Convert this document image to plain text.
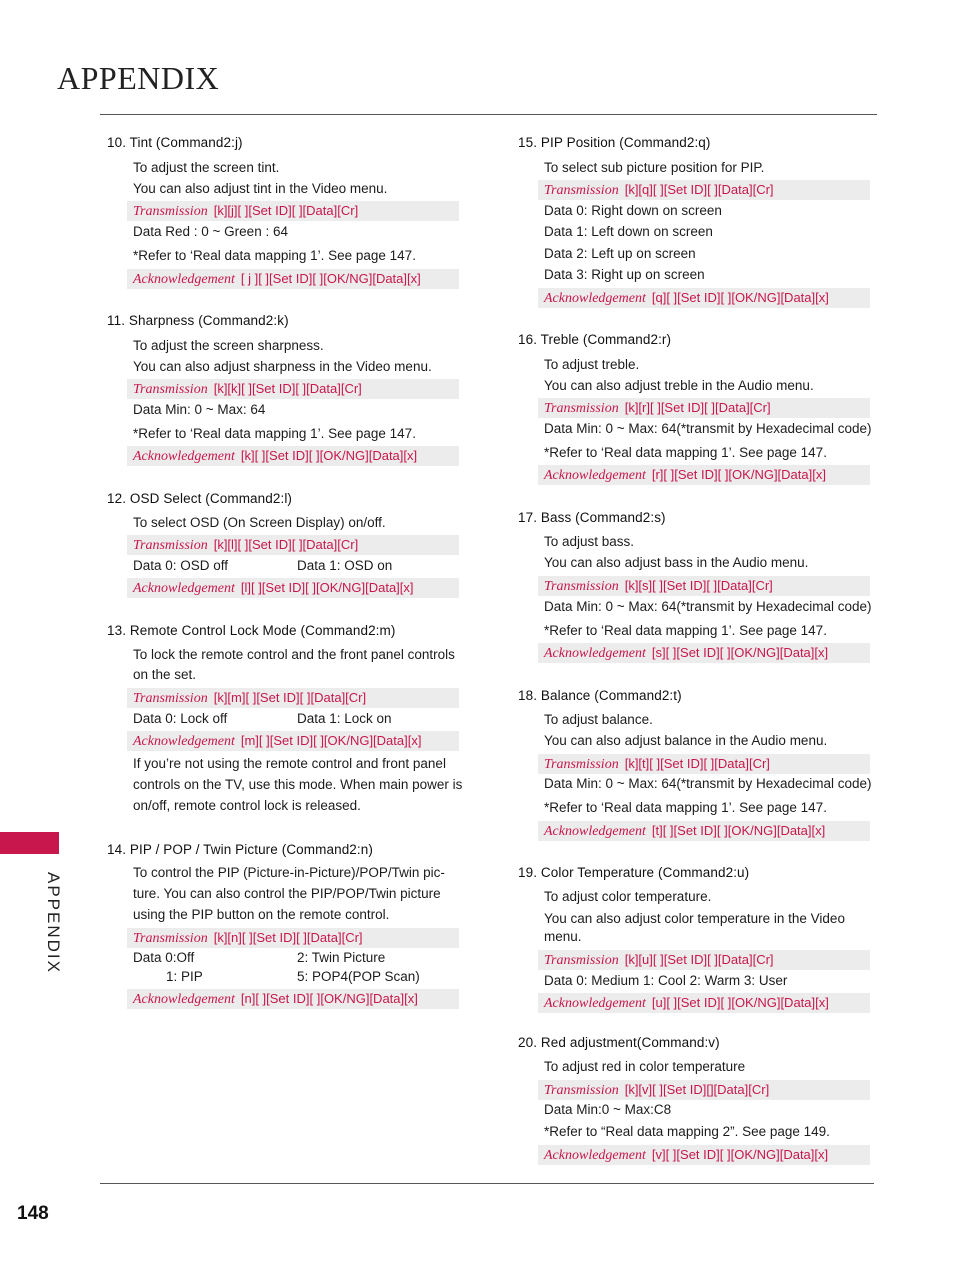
APPENDIX
10. Tint (Command2:j)
To adjust the screen tint.
You can also adjust tint in the Video menu.
Transmission [k][j][ ][Set ID][ ][Data][Cr]
Data Red : 0 ~ Green : 64
*Refer to ‘Real data mapping 1’. See page 147.
Acknowledgement [ j ][ ][Set ID][ ][OK/NG][Data][x]
11. Sharpness (Command2:k)
To adjust the screen sharpness.
You can also adjust sharpness in the Video menu.
Transmission [k][k][ ][Set ID][ ][Data][Cr]
Data Min: 0 ~ Max: 64
*Refer to ‘Real data mapping 1’. See page 147.
Acknowledgement [k][ ][Set ID][ ][OK/NG][Data][x]
12. OSD Select (Command2:l)
To select OSD (On Screen Display) on/off.
Transmission [k][l][ ][Set ID][ ][Data][Cr]
Data 0: OSD off	Data 1: OSD on
Acknowledgement [l][ ][Set ID][ ][OK/NG][Data][x]
13. Remote Control Lock Mode (Command2:m)
To lock the remote control and the front panel controls
on the set.
Transmission [k][m][ ][Set ID][ ][Data][Cr]
Data 0: Lock off	Data 1: Lock on
Acknowledgement [m][ ][Set ID][ ][OK/NG][Data][x]
If you’re not using the remote control and front panel
controls on the TV, use this mode. When main power is
on/off, remote control lock is released.
14. PIP / POP / Twin Picture (Command2:n)
To control the PIP (Picture-in-Picture)/POP/Twin pic-
ture. You can also control the PIP/POP/Twin picture
using the PIP button on the remote control.
Transmission [k][n][ ][Set ID][ ][Data][Cr]
Data 0:Off	2: Twin Picture
1: PIP	5: POP4(POP Scan)
Acknowledgement [n][ ][Set ID][ ][OK/NG][Data][x]
15. PIP Position (Command2:q)
To select sub picture position for PIP.
Transmission [k][q][ ][Set ID][ ][Data][Cr]
Data 0: Right down on screen
Data 1: Left down on screen
Data 2: Left up on screen
Data 3: Right up on screen
Acknowledgement [q][ ][Set ID][ ][OK/NG][Data][x]
16. Treble (Command2:r)
To adjust treble.
You can also adjust treble in the Audio menu.
Transmission [k][r][ ][Set ID][ ][Data][Cr]
Data Min: 0 ~ Max: 64(*transmit by Hexadecimal code)
*Refer to ‘Real data mapping 1’. See page 147.
Acknowledgement [r][ ][Set ID][ ][OK/NG][Data][x]
17. Bass (Command2:s)
To adjust bass.
You can also adjust bass in the Audio menu.
Transmission [k][s][ ][Set ID][ ][Data][Cr]
Data Min: 0 ~ Max: 64(*transmit by Hexadecimal code)
*Refer to ‘Real data mapping 1’. See page 147.
Acknowledgement [s][ ][Set ID][ ][OK/NG][Data][x]
18. Balance (Command2:t)
To adjust balance.
You can also adjust balance in the Audio menu.
Transmission [k][t][ ][Set ID][ ][Data][Cr]
Data Min: 0 ~ Max: 64(*transmit by Hexadecimal code)
*Refer to ‘Real data mapping 1’. See page 147.
Acknowledgement [t][ ][Set ID][ ][OK/NG][Data][x]
19. Color Temperature (Command2:u)
To adjust color temperature.
You can also adjust color temperature in the Video
menu.
Transmission [k][u][ ][Set ID][ ][Data][Cr]
Data 0: Medium 1: Cool 2: Warm 3: User
Acknowledgement [u][ ][Set ID][ ][OK/NG][Data][x]
20. Red adjustment(Command:v)
To adjust red in color temperature
Transmission [k][v][ ][Set ID][][Data][Cr]
Data Min:0 ~ Max:C8
*Refer to “Real data mapping 2”. See page 149.
Acknowledgement [v][ ][Set ID][ ][OK/NG][Data][x]
APPENDIX
148
